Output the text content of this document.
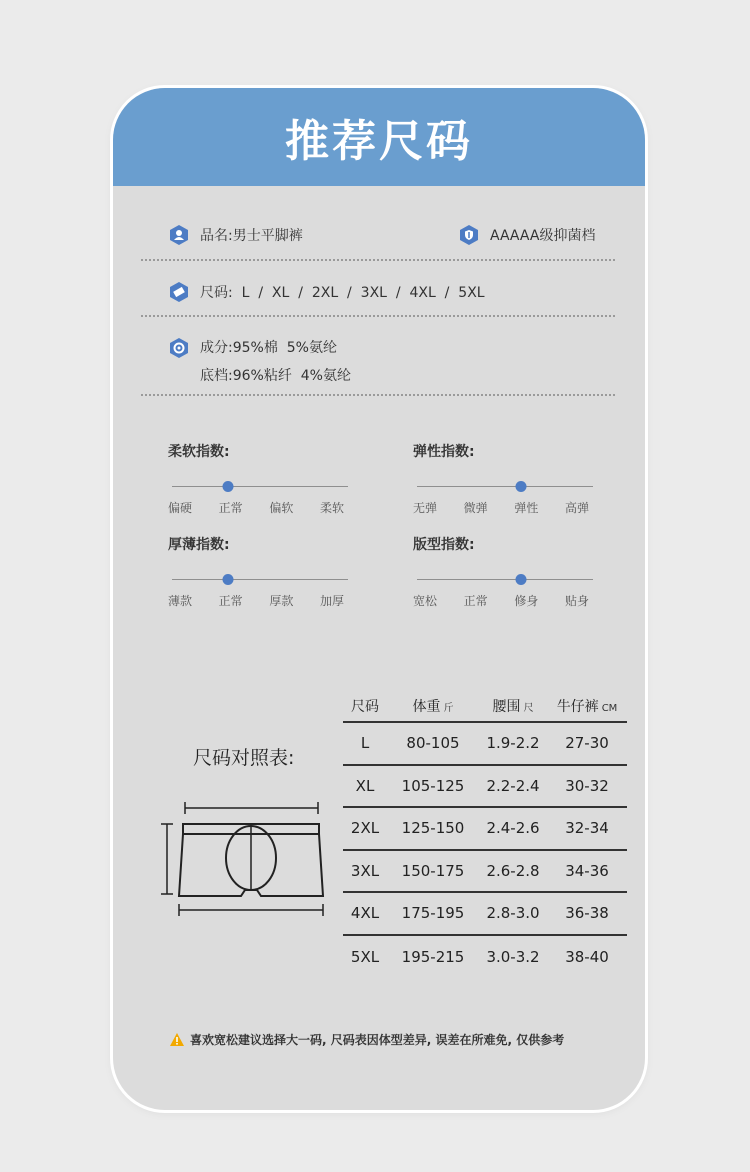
推荐尺码
品名:男士平脚裤	AAAAA级抑菌档
尺码:  L  /  XL  /  2XL  /  3XL  /  4XL  /  5XL
成分:95%棉  5%氨纶
底档:96%粘纤  4%氨纶
柔软指数:
偏硬 正常 偏软 柔软
弹性指数:
无弹 微弹 弹性 高弹
厚薄指数:
薄款 正常 厚款 加厚
版型指数:
宽松 正常 修身 贴身
尺码对照表:
尺码	体重 斤	腰围 尺	牛仔裤 CM
L	80-105	1.9-2.2	27-30
XL	105-125	2.2-2.4	30-32
2XL	125-150	2.4-2.6	32-34
3XL	150-175	2.6-2.8	34-36
4XL	175-195	2.8-3.0	36-38
5XL	195-215	3.0-3.2	38-40
喜欢宽松建议选择大一码, 尺码表因体型差异, 误差在所难免, 仅供参考
